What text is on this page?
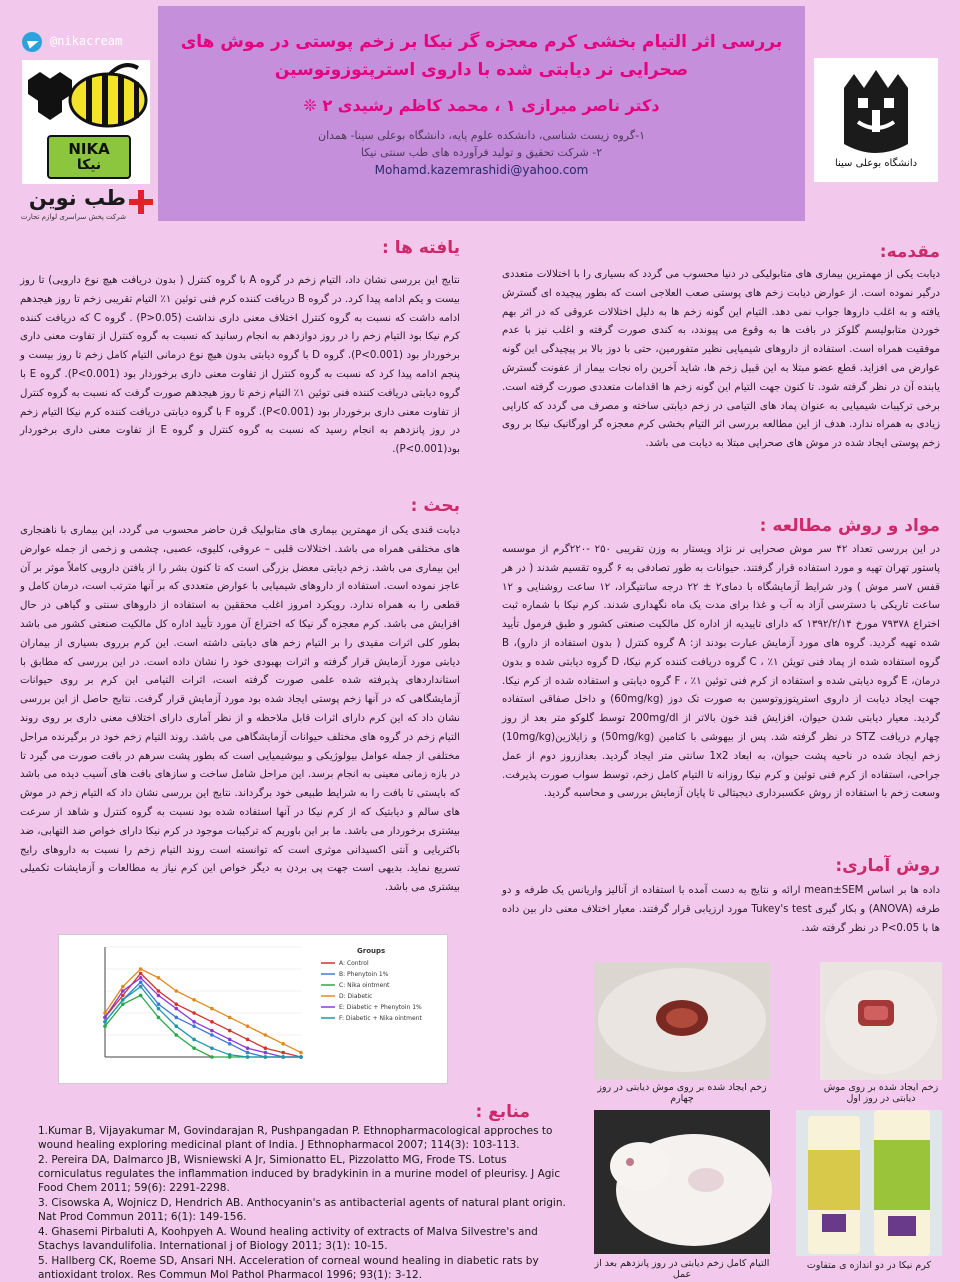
بررسی اثر التیام بخشی کرم معجزه گر نیکا بر زخم پوستی در موش های صحرایی نر دیابتی شده با داروی استرپتوزوتوسین
دکتر ناصر میرازی ۱ ، محمد کاظم رشیدی ۲ ❊
۱-گروه زیست شناسی، دانشکده علوم پایه، دانشگاه بوعلی سینا- همدان
۲- شرکت تحقیق و تولید فرآورده های طب سنتی نیکا
Mohamd.kazemrashidi@yahoo.com
@nikacream
NIKA
نیکا
طب نوین
شرکت پخش سراسری لوازم تجارت
دانشگاه بوعلی سینا
مقدمه:
دیابت یکی از مهمترین بیماری های متابولیکی در دنیا محسوب می گردد که بسیاری را با اختلالات متعددی درگیر نموده است. از عوارض دیابت زخم های پوستی صعب العلاجی است که بطور پیچیده ای گسترش یافته و به اغلب داروها جواب نمی دهد. التیام این گونه زخم ها به دلیل اختلالات عروقی که در اثر بهم خوردن متابولیسم گلوکز در بافت ها به وقوع می پیوندد، به کندی صورت گرفته و اغلب نیز با عدم موفقیت همراه است. استفاده از داروهای شیمیایی نظیر متفورمین، حتی با دوز بالا بر پیچیدگی این گونه عوارض می افزاید. قطع عضو مبتلا به این قبیل زخم ها، شاید آخرین راه نجات بیمار از عفونت گسترش یابنده آن در نظر گرفته شود. تا کنون جهت التیام این گونه زخم ها اقدامات متعددی صورت گرفته است. برخی ترکیبات شیمیایی به عنوان پماد های التیامی در زخم دیابتی ساخته و مصرف می گردد که کارایی زیادی به همراه ندارد. هدف از این مطالعه بررسی اثر التیام بخشی کرم معجزه گر اورگانیک نیکا بر روی زخم پوستی ایجاد شده در موش های صحرایی مبتلا به دیابت می باشد.
مواد و روش مطالعه :
در این بررسی تعداد ۴۲ سر موش صحرایی نر نژاد ویستار به وزن تقریبی ۲۵۰ -۲۲۰گرم از موسسه پاستور تهران تهیه و مورد استفاده قرار گرفتند. حیوانات به طور تصادفی به ۶ گروه تقسیم شدند ( در هر قفس ۷سر موش ) ودر شرایط آزمایشگاه با دمای۲ ± ۲۲ درجه سانتیگراد، ۱۲ ساعت روشنایی و ۱۲ ساعت تاریکی با دسترسی آزاد به آب و غذا برای مدت یک ماه نگهداری شدند. کرم نیکا با شماره ثبت اختراع ۷۹۳۷۸ مورخ ۱۳۹۲/۲/۱۴ که دارای تاییدیه از اداره کل مالکیت صنعتی کشور و طبق فرمول تأیید شده تهیه گردید. گروه های مورد آزمایش عبارت بودند از: A گروه کنترل ( بدون استفاده از دارو)، B گروه استفاده شده از پماد فنی تویئن ۱٪ ، C گروه دریافت کننده کرم نیکا، D گروه دیابتی شده و بدون درمان، E گروه دیابتی شده و استفاده از کرم فنی توئین ۱٪ ، F گروه دیابتی و استفاده شده از کرم نیکا. جهت ایجاد دیابت از داروی استرپتوزوتوسین به صورت تک دوز (60mg/kg) و داخل صفاقی استفاده گردید. معیار دیابتی شدن حیوان، افزایش قند خون بالاتر از 200mg/dl توسط گلوکو متر بعد از روز چهارم دریافت STZ در نظر گرفته شد. پس از بیهوشی با کتامین (50mg/kg) و زایلازین(10mg/kg) زخم ایجاد شده در ناحیه پشت حیوان، به ابعاد 1x2 سانتی متر ایجاد گردید. بعدازروز دوم از عمل جراحی، استفاده از کرم فنی توئین و کرم نیکا روزانه تا التیام کامل زخم، توسط سواب صورت پذیرفت. وسعت زخم با استفاده از روش عکسبرداری دیجیتالی تا پایان آزمایش بررسی و محاسبه گردید.
روش آماری:
داده ها بر اساس mean±SEM ارائه و نتایج به دست آمده با استفاده از آنالیز واریانس یک طرفه و دو طرفه (ANOVA) و بکار گیری Tukey's test مورد ارزیابی قرار گرفتند. معیار اختلاف معنی دار بین داده ها با P<0.05 در نظر گرفته شد.
یافته ها :
نتایج این بررسی نشان داد، التیام زخم در گروه A با گروه کنترل ( بدون دریافت هیچ نوع دارویی) تا روز بیست و یکم ادامه پیدا کرد. در گروه B دریافت کننده کرم فنی توئین ۱٪ التیام تقریبی زخم تا روز هیجدهم ادامه داشت که نسبت به گروه کنترل اختلاف معنی داری نداشت (P>0.05) . گروه C که دریافت کننده کرم نیکا بود التیام زخم را در روز دوازدهم به انجام رسانید که نسبت به گروه کنترل از تفاوت معنی داری برخوردار بود (P<0.001). گروه D با گروه دیابتی بدون هیچ نوع درمانی التیام کامل زخم تا روز بیست و پنجم ادامه پیدا کرد که نسبت به گروه کنترل از تفاوت معنی داری برخوردار بود (P<0.001). گروه E با گروه دیابتی دریافت کننده فنی توئین ۱٪ التیام زخم تا روز هیجدهم صورت گرفت که نسبت به گروه کنترل از تفاوت معنی داری برخوردار بود (P<0.001). گروه F با گروه دیابتی دریافت کننده کرم نیکا التیام زخم در روز پانزدهم به انجام رسید که نسبت به گروه کنترل و گروه E از تفاوت معنی داری برخوردار بود(P<0.001).
بحث :
دیابت قندی یکی از مهمترین بیماری های متابولیک قرن حاضر محسوب می گردد، این بیماری با ناهنجاری های مختلفی همراه می باشد. اختلالات قلبی – عروقی، کلیوی، عصبی، چشمی و زخمی از جمله عوارض این بیماری می باشد. زخم دیابتی معضل بزرگی است که تا کنون بشر را از یافتن دارویی کاملاً موثر بر آن عاجز نموده است. استفاده از داروهای شیمیایی با عوارض متعددی که بر آنها مترتب است، درمان کامل و قطعی را به همراه ندارد. رویکرد امروز اغلب محققین به استفاده از داروهای سنتی و گیاهی در حال افزایش می باشد. کرم معجزه گر نیکا که اختراع آن مورد تأیید اداره کل مالکیت صنعتی کشور می باشد بطور کلی اثرات مفیدی را بر التیام زخم های دیابتی داشته است. این کرم برروی بسیاری از بیماران دیابتی مورد آزمایش قرار گرفته و اثرات بهبودی خود را نشان داده است. در این بررسی که مطابق با استانداردهای پذیرفته شده علمی صورت گرفته است، اثرات التیامی این کرم بر روی حیوانات آزمایشگاهی که در آنها زخم پوستی ایجاد شده بود مورد آزمایش قرار گرفت. نتایج حاصل از این بررسی نشان داد که این کرم دارای اثرات قابل ملاحظه و از نظر آماری دارای اختلاف معنی داری بر روی روند التیام زخم در گروه های مختلف حیوانات آزمایشگاهی می باشد. روند التیام زخم خود در برگیرنده مراحل مختلفی از جمله عوامل بیولوژیکی و بیوشیمیایی است که بطور پشت سرهم در بافت صورت می گیرد تا در بازه زمانی معینی به انجام برسد. این مراحل شامل ساخت و سازهای بافت های آسیب دیده می باشد که بایستی تا بافت را به شرایط طبیعی خود برگرداند. نتایج این بررسی نشان داد که التیام زخم در موش های سالم و دیابتیک که از کرم نیکا در آنها استفاده شده بود نسبت به گروه کنترل و شاهد از سرعت بیشتری برخوردار می باشد. ما بر این باوریم که ترکیبات موجود در کرم نیکا دارای خواص ضد التهابی، ضد باکتریایی و آنتی اکسیدانی موثری است که توانسته است روند التیام زخم را نسبت به داروهای رایج تسریع نماید. بدیهی است جهت پی بردن به دیگر خواص این کرم نیاز به مطالعات و آزمایشات تکمیلی بیشتری می باشد.
Groups
A: Control
B: Phenytoin 1%
C: Nika ointment
D: Diabetic
E: Diabetic + Phenytoin 1%
F: Diabetic + Nika ointment
منابع :
1.Kumar B, Vijayakumar M, Govindarajan R, Pushpangadan P. Ethnopharmacological approches to wound healing exploring medicinal plant of India. J Ethnopharmacol 2007; 114(3): 103-113.
2. Pereira DA, Dalmarco JB, Wisniewski A Jr, Simionatto EL, Pizzolatto MG, Frode TS. Lotus corniculatus regulates the inflammation induced by bradykinin in a murine model of pleurisy. J Agic Food Chem 2011; 59(6): 2291-2298.
3. Cisowska A, Wojnicz D, Hendrich AB. Anthocyanin's as antibacterial agents of natural plant origin. Nat Prod Commun 2011; 6(1): 149-156.
4. Ghasemi Pirbaluti A, Koohpyeh A. Wound healing activity of extracts of Malva Silvestre's and Stachys lavandulifolia. International j of Biology 2011; 3(1): 10-15.
5. Hallberg CK, Roeme SD, Ansari NH. Acceleration of corneal wound healing in diabetic rats by antioxidant trolox. Res Commun Mol Pathol Pharmacol 1996; 93(1): 3-12.
زخم ایجاد شده بر روی موش دیابتی در روز اول
زخم ایجاد شده بر روی موش دیابتی در روز چهارم
کرم نیکا در دو اندازه ی متفاوت
التیام کامل زخم دیابتی در روز پانزدهم بعد از عمل
